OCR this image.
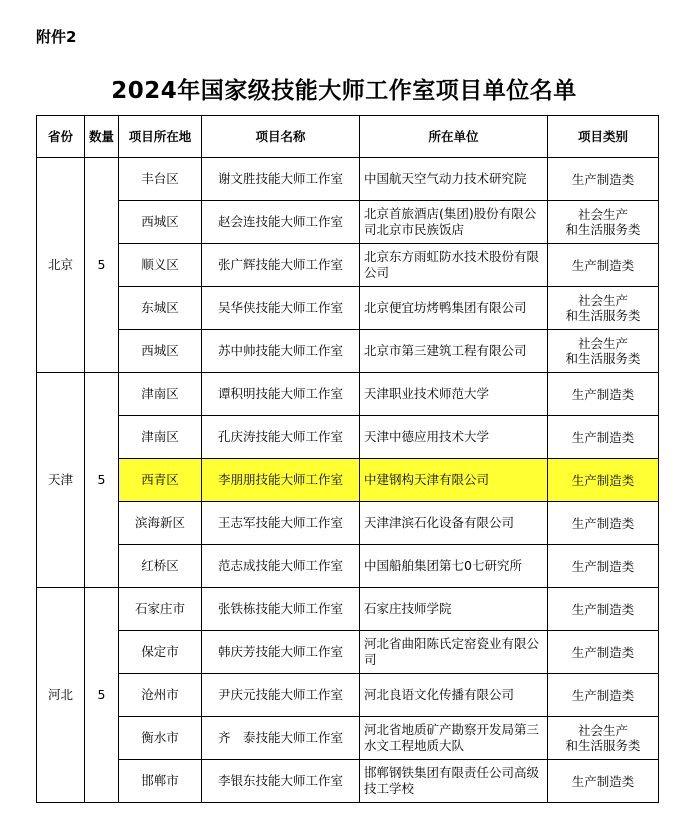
附件2
2024年国家级技能大师工作室项目单位名单
省份	数量	项目所在地	项目名称	所在单位	项目类别
北京	5	丰台区	谢文胜技能大师工作室	中国航天空气动力技术研究院	生产制造类
		西城区	赵会连技能大师工作室	北京首旅酒店(集团)股份有限公司北京市民族饭店	社会生产
和生活服务类
		顺义区	张广辉技能大师工作室	北京东方雨虹防水技术股份有限公司	生产制造类
		东城区	吴华侠技能大师工作室	北京便宜坊烤鸭集团有限公司	社会生产
和生活服务类
		西城区	苏中帅技能大师工作室	北京市第三建筑工程有限公司	社会生产
和生活服务类
天津	5	津南区	谭积明技能大师工作室	天津职业技术师范大学	生产制造类
		津南区	孔庆涛技能大师工作室	天津中德应用技术大学	生产制造类
		西青区	李朋朋技能大师工作室	中建钢构天津有限公司	生产制造类
		滨海新区	王志军技能大师工作室	天津津滨石化设备有限公司	生产制造类
		红桥区	范志成技能大师工作室	中国船舶集团第七0七研究所	生产制造类
河北	5	石家庄市	张铁栋技能大师工作室	石家庄技师学院	生产制造类
		保定市	韩庆芳技能大师工作室	河北省曲阳陈氏定窑瓷业有限公司	生产制造类
		沧州市	尹庆元技能大师工作室	河北良语文化传播有限公司	生产制造类
		衡水市	齐　泰技能大师工作室	河北省地质矿产勘察开发局第三水文工程地质大队	社会生产
和生活服务类
		邯郸市	李银东技能大师工作室	邯郸钢铁集团有限责任公司高级技工学校	生产制造类
